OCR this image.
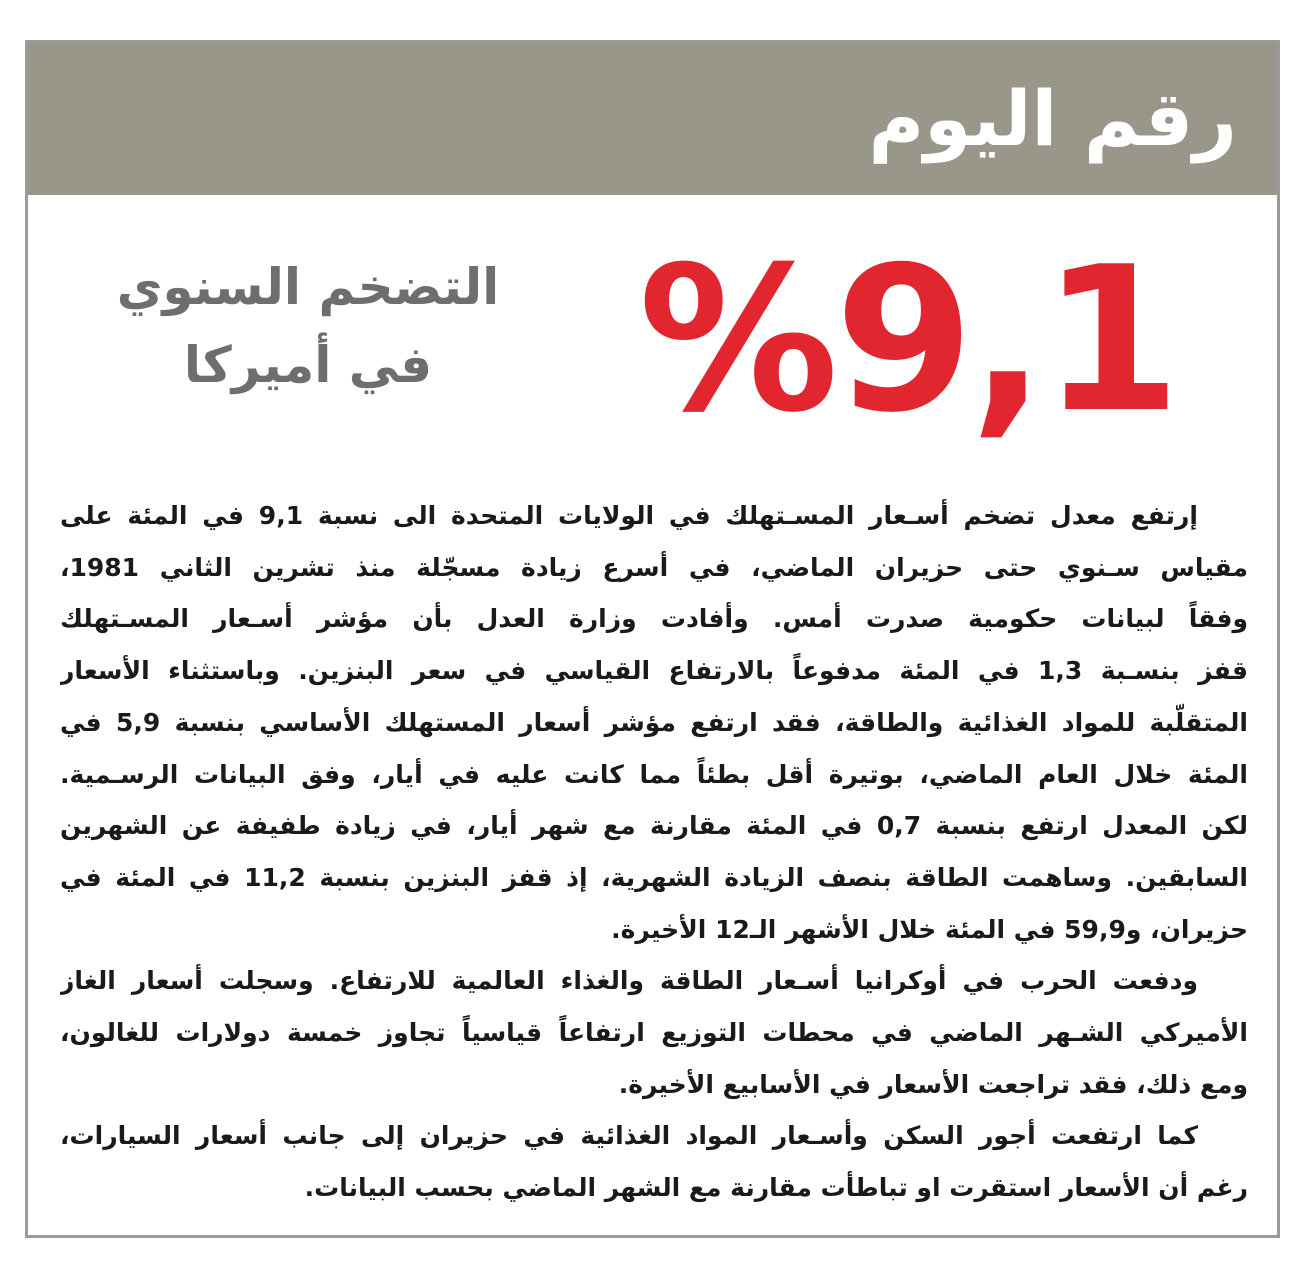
رقم اليوم
%9,1
التضخم السنوي
في أميركا
إرتفع معدل تضخم أسـعار المسـتهلك في الولايات المتحدة الى نسبة 9,1 في المئة على
مقياس سـنوي حتى حزيران الماضي، في أسرع زيادة مسجّلة منذ تشرين الثاني 1981،
وفقاً لبيانات حكومية صدرت أمس. وأفادت وزارة العدل بأن مؤشر أسـعار المسـتهلك
قفز بنسـبة 1,3 في المئة مدفوعاً بالارتفاع القياسي في سعر البنزين. وباستثناء الأسعار
المتقلّبة للمواد الغذائية والطاقة، فقد ارتفع مؤشر أسعار المستهلك الأساسي بنسبة 5,9 في
المئة خلال العام الماضي، بوتيرة أقل بطئاً مما كانت عليه في أيار، وفق البيانات الرسـمية.
لكن المعدل ارتفع بنسبة 0,7 في المئة مقارنة مع شهر أيار، في زيادة طفيفة عن الشهرين
السابقين. وساهمت الطاقة بنصف الزيادة الشهرية، إذ قفز البنزين بنسبة 11,2 في المئة في
حزيران، و59,9 في المئة خلال الأشهر الـ12 الأخيرة.
ودفعت الحرب في أوكرانيا أسـعار الطاقة والغذاء العالمية للارتفاع. وسجلت أسعار الغاز
الأميركي الشـهر الماضي في محطات التوزيع ارتفاعاً قياسياً تجاوز خمسة دولارات للغالون،
ومع ذلك، فقد تراجعت الأسعار في الأسابيع الأخيرة.
كما ارتفعت أجور السكن وأسـعار المواد الغذائية في حزيران إلى جانب أسعار السيارات،
رغم أن الأسعار استقرت او تباطأت مقارنة مع الشهر الماضي بحسب البيانات.
